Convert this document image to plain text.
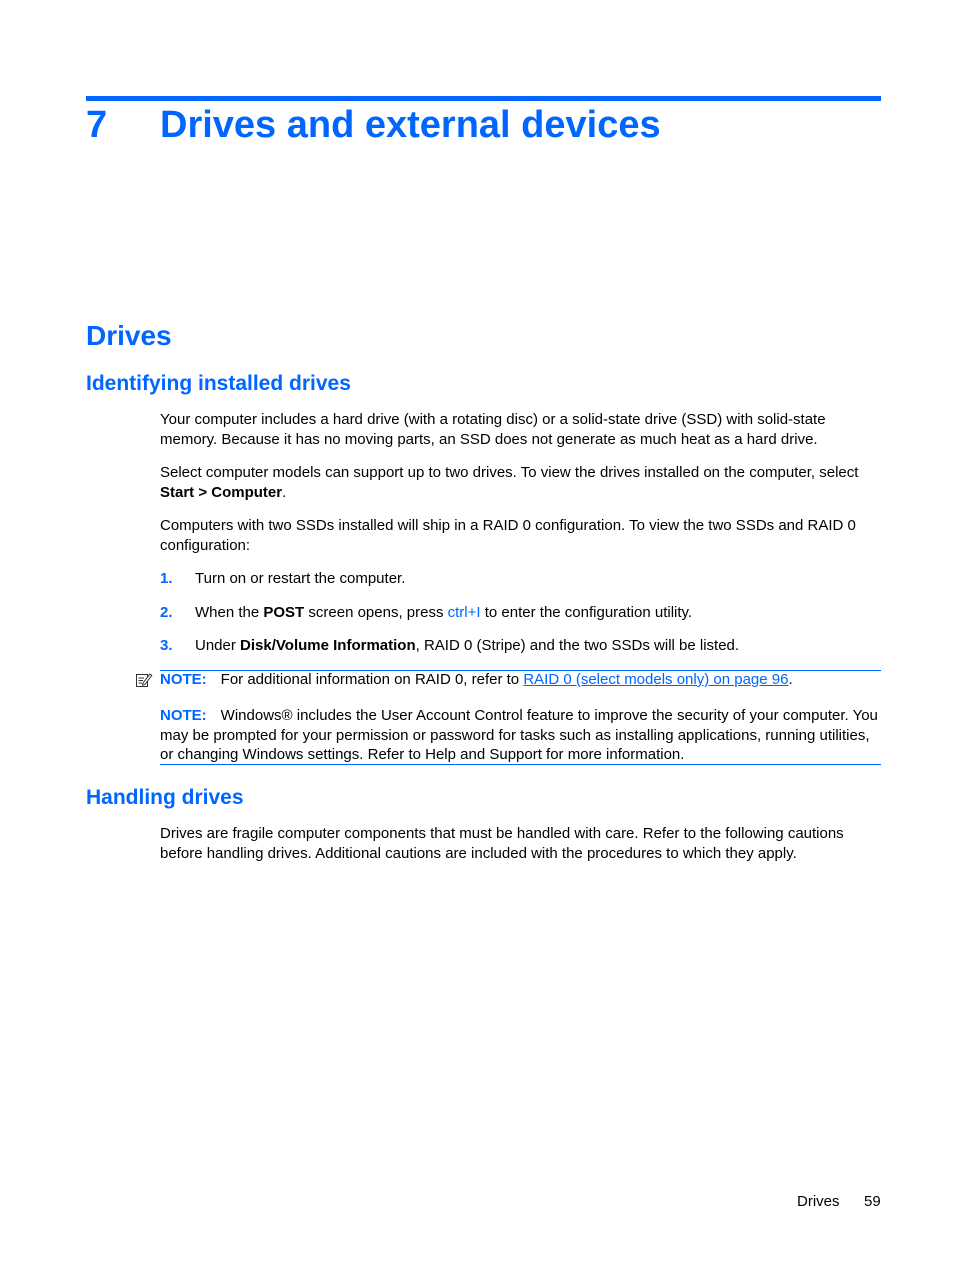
7 Drives and external devices
Drives
Identifying installed drives
Your computer includes a hard drive (with a rotating disc) or a solid-state drive (SSD) with solid-state memory. Because it has no moving parts, an SSD does not generate as much heat as a hard drive.
Select computer models can support up to two drives. To view the drives installed on the computer, select Start > Computer.
Computers with two SSDs installed will ship in a RAID 0 configuration. To view the two SSDs and RAID 0 configuration:
1. Turn on or restart the computer.
2. When the POST screen opens, press ctrl+I to enter the configuration utility.
3. Under Disk/Volume Information, RAID 0 (Stripe) and the two SSDs will be listed.
NOTE: For additional information on RAID 0, refer to RAID 0 (select models only) on page 96.
NOTE: Windows® includes the User Account Control feature to improve the security of your computer. You may be prompted for your permission or password for tasks such as installing applications, running utilities, or changing Windows settings. Refer to Help and Support for more information.
Handling drives
Drives are fragile computer components that must be handled with care. Refer to the following cautions before handling drives. Additional cautions are included with the procedures to which they apply.
Drives 59
